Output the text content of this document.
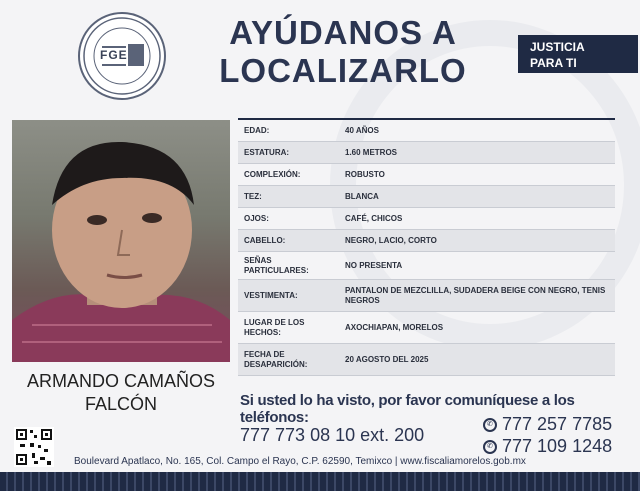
FGE
AYÚDANOS A LOCALIZARLO
JUSTICIA
PARA TI
ARMANDO CAMAÑOS
FALCÓN
EDAD:	40 AÑOS
ESTATURA:	1.60 METROS
COMPLEXIÓN:	ROBUSTO
TEZ:	BLANCA
OJOS:	CAFÉ, CHICOS
CABELLO:	NEGRO, LACIO, CORTO
SEÑAS PARTICULARES:
NO PRESENTA
VESTIMENTA:
PANTALON DE MEZCLILLA, SUDADERA BEIGE CON NEGRO, TENIS NEGROS
LUGAR DE LOS HECHOS:
AXOCHIAPAN, MORELOS
FECHA DE DESAPARICIÓN:
20 AGOSTO DEL 2025
Si usted lo ha visto, por favor comuníquese a los teléfonos:
777 773 08 10 ext. 200
✆ 777 257 7785
✆ 777 109 1248
Boulevard Apatlaco, No. 165, Col. Campo el Rayo, C.P. 62590, Temixco | www.fiscaliamorelos.gob.mx
